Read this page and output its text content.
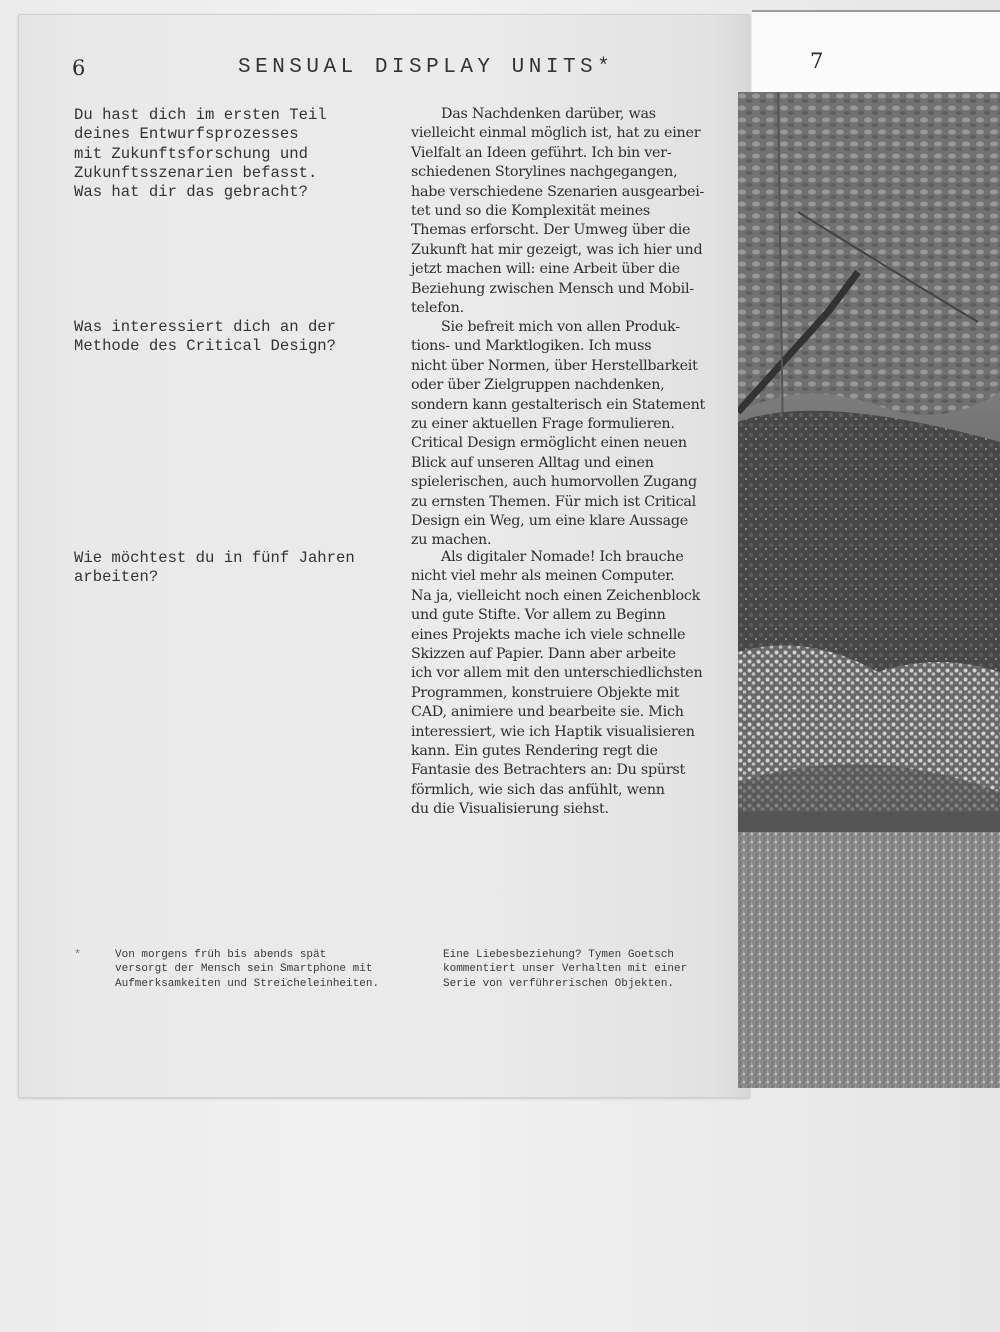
7
6	SENSUAL DISPLAY UNITS*
Du hast dich im ersten Teil
deines Entwurfsprozesses
mit Zukunftsforschung und
Zukunftsszenarien befasst.
Was hat dir das gebracht?
Was interessiert dich an der
Methode des Critical Design?
Wie möchtest du in fünf Jahren
arbeiten?
Das Nachdenken darüber, was
vielleicht einmal möglich ist, hat zu einer
Vielfalt an Ideen geführt. Ich bin ver-
schiedenen Storylines nachgegangen,
habe verschiedene Szenarien ausgearbei-
tet und so die Komplexität meines
Themas erforscht. Der Umweg über die
Zukunft hat mir gezeigt, was ich hier und
jetzt machen will: eine Arbeit über die
Beziehung zwischen Mensch und Mobil-
telefon.
Sie befreit mich von allen Produk-
tions- und Marktlogiken. Ich muss
nicht über Normen, über Herstellbarkeit
oder über Zielgruppen nachdenken,
sondern kann gestalterisch ein Statement
zu einer aktuellen Frage formulieren.
Critical Design ermöglicht einen neuen
Blick auf unseren Alltag und einen
spielerischen, auch humorvollen Zugang
zu ernsten Themen. Für mich ist Critical
Design ein Weg, um eine klare Aussage
zu machen.
Als digitaler Nomade! Ich brauche
nicht viel mehr als meinen Computer.
Na ja, vielleicht noch einen Zeichenblock
und gute Stifte. Vor allem zu Beginn
eines Projekts mache ich viele schnelle
Skizzen auf Papier. Dann aber arbeite
ich vor allem mit den unterschiedlichsten
Programmen, konstruiere Objekte mit
CAD, animiere und bearbeite sie. Mich
interessiert, wie ich Haptik visualisieren
kann. Ein gutes Rendering regt die
Fantasie des Betrachters an: Du spürst
förmlich, wie sich das anfühlt, wenn
du die Visualisierung siehst.
*	Von morgens früh bis abends spät
versorgt der Mensch sein Smartphone mit
Aufmerksamkeiten und Streicheleinheiten.
Eine Liebesbeziehung? Tymen Goetsch
kommentiert unser Verhalten mit einer
Serie von verführerischen Objekten.
